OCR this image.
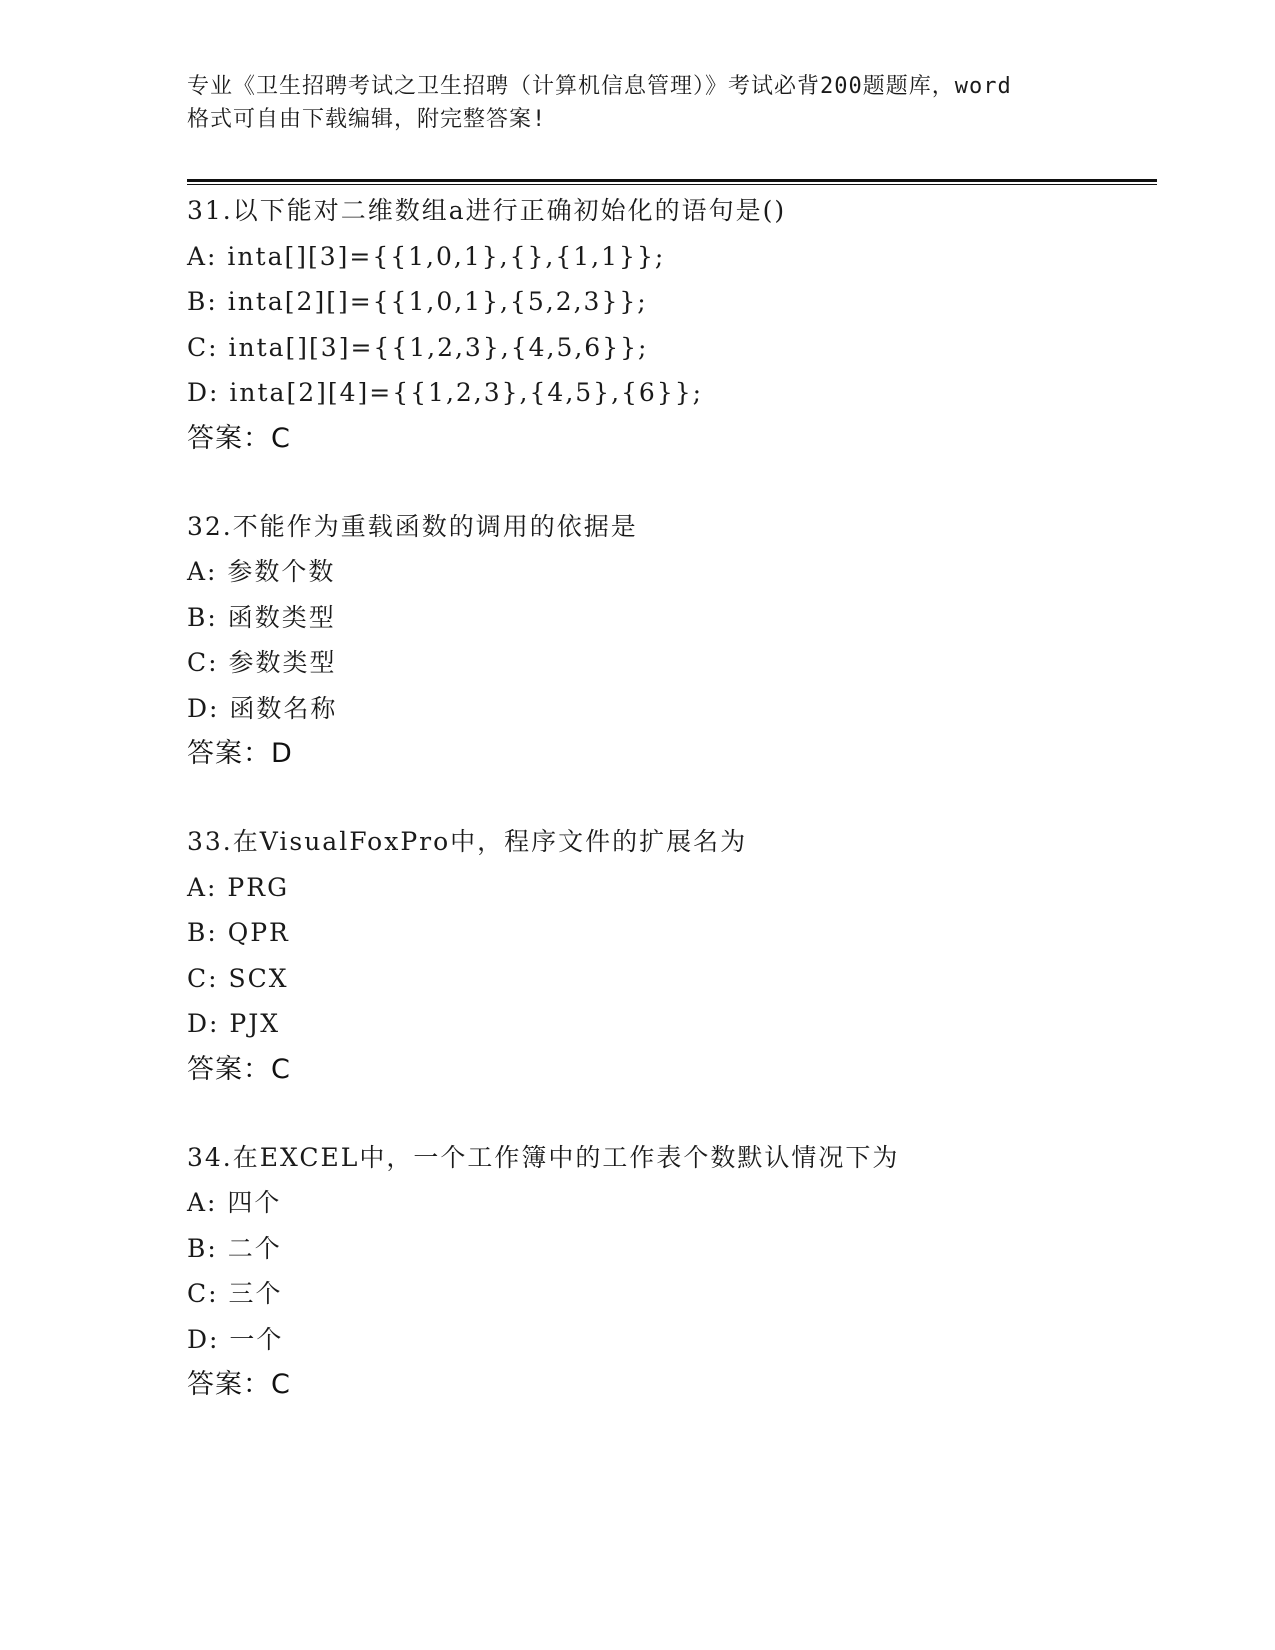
专业《卫生招聘考试之卫生招聘（计算机信息管理）》考试必背200题题库，word

格式可自由下载编辑，附完整答案!

31.以下能对二维数组a进行正确初始化的语句是()
A: inta[][3]={{1,0,1},{},{1,1}};
B: inta[2][]={{1,0,1},{5,2,3}};
C: inta[][3]={{1,2,3},{4,5,6}};
D: inta[2][4]={{1,2,3},{4,5},{6}};
答案：C
32.不能作为重载函数的调用的依据是
A: 参数个数
B: 函数类型
C: 参数类型
D: 函数名称
答案：D
33.在VisualFoxPro中，程序文件的扩展名为
A: PRG
B: QPR
C: SCX
D: PJX
答案：C
34.在EXCEL中，一个工作簿中的工作表个数默认情况下为
A: 四个
B: 二个
C: 三个
D: 一个
答案：C
